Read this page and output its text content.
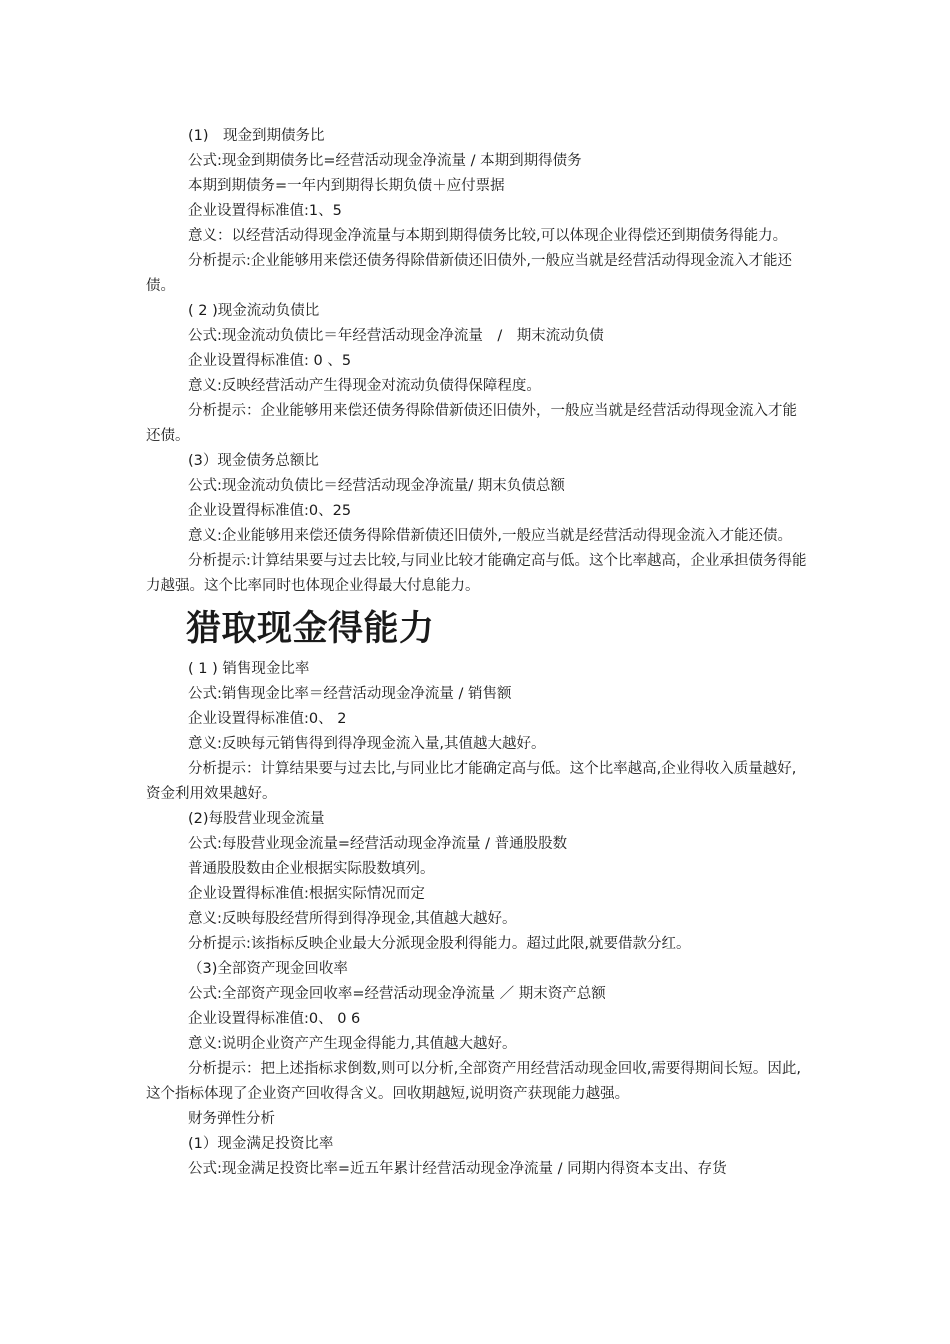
(1)　现金到期债务比

公式:现金到期债务比=经营活动现金净流量 / 本期到期得债务

本期到期债务=一年内到期得长期负债＋应付票据

企业设置得标准值:1、5

意义：以经营活动得现金净流量与本期到期得债务比较,可以体现企业得偿还到期债务得能力。

分析提示:企业能够用来偿还债务得除借新债还旧债外,一般应当就是经营活动得现金流入才能还债。

( 2 )现金流动负债比

公式:现金流动负债比＝年经营活动现金净流量　/　期末流动负债

企业设置得标准值: 0 、5

意义:反映经营活动产生得现金对流动负债得保障程度。

分析提示：企业能够用来偿还债务得除借新债还旧债外，一般应当就是经营活动得现金流入才能还债。

(3）现金债务总额比

公式:现金流动负债比＝经营活动现金净流量/ 期末负债总额

企业设置得标准值:0、25

意义:企业能够用来偿还债务得除借新债还旧债外,一般应当就是经营活动得现金流入才能还债。

分析提示:计算结果要与过去比较,与同业比较才能确定高与低。这个比率越高，企业承担债务得能力越强。这个比率同时也体现企业得最大付息能力。

猎取现金得能力

( 1 ) 销售现金比率

公式:销售现金比率＝经营活动现金净流量 / 销售额

企业设置得标准值:0、 2

意义:反映每元销售得到得净现金流入量,其值越大越好。

分析提示：计算结果要与过去比,与同业比才能确定高与低。这个比率越高,企业得收入质量越好,资金利用效果越好。

(2)每股营业现金流量

公式:每股营业现金流量=经营活动现金净流量 / 普通股股数

普通股股数由企业根据实际股数填列。

企业设置得标准值:根据实际情况而定

意义:反映每股经营所得到得净现金,其值越大越好。

分析提示:该指标反映企业最大分派现金股利得能力。超过此限,就要借款分红。

（3)全部资产现金回收率

公式:全部资产现金回收率=经营活动现金净流量 ／ 期末资产总额

企业设置得标准值:0、 0 6

意义:说明企业资产产生现金得能力,其值越大越好。

分析提示：把上述指标求倒数,则可以分析,全部资产用经营活动现金回收,需要得期间长短。因此,这个指标体现了企业资产回收得含义。回收期越短,说明资产获现能力越强。

财务弹性分析

(1）现金满足投资比率

公式:现金满足投资比率=近五年累计经营活动现金净流量 / 同期内得资本支出、存货
